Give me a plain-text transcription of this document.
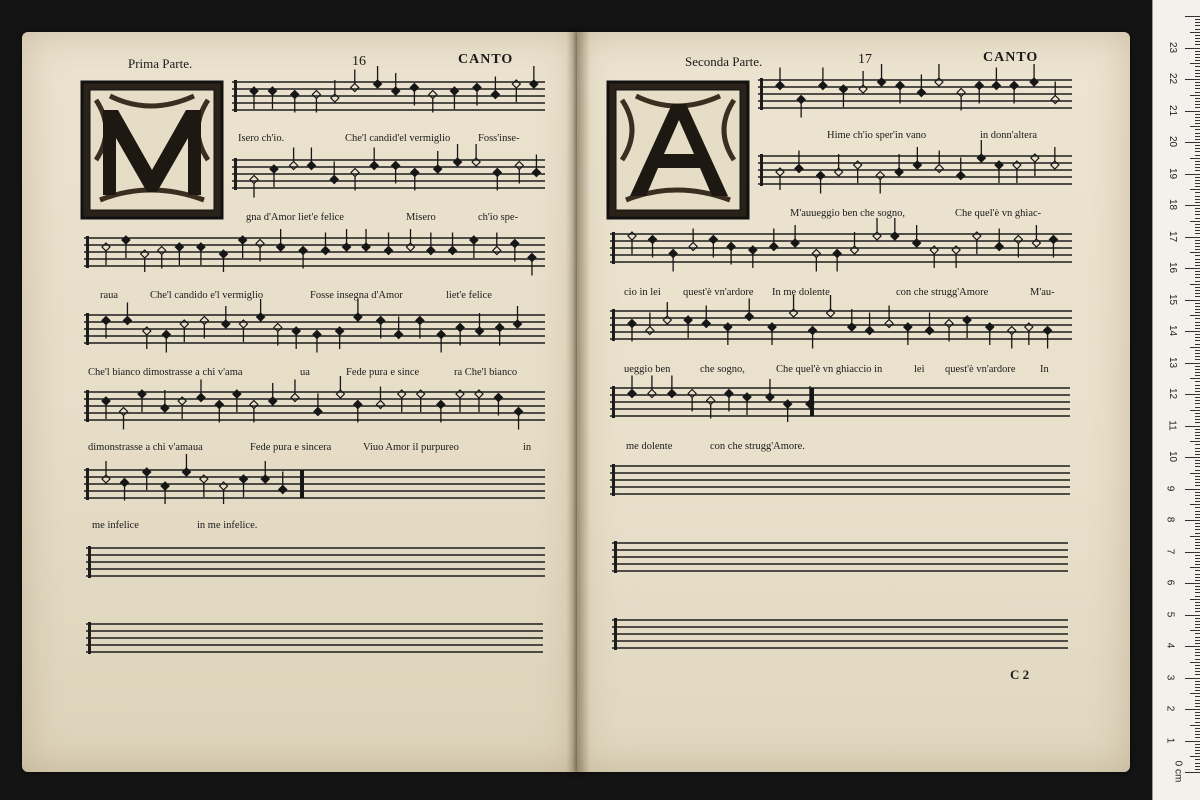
Prima Parte.	16	CANTO	Seconda Parte.	17	CANTO
Isero ch'io.	Che'l candid'el vermiglio	Foss'inse-
gna d'Amor liet'e felice	Misero	ch'io spe-
raua	Che'l candido e'l vermiglio	Fosse insegna d'Amor	liet'e felice
Che'l bianco dimostrasse a chi v'ama	ua	Fede pura e since	ra Che'l bianco
dimonstrasse a chi v'amaua	Fede pura e sincera	Viuo Amor il purpureo	in
me infelice	in me infelice.
Hime ch'io sper'in vano	in donn'altera
M'auueggio ben che sogno,	Che quel'è vn ghiac-
cio in lei quest'è vn'ardore In me dolente	con che strugg'Amore	M'au-
ueggio ben	che sogno,	Che quel'è vn ghiaccio in	lei quest'è vn'ardore In
me dolente	con che strugg'Amore.
C 2
0 cm
1
2
3
4
5
6
7
8
9
10
11
12
13
14
15
16
17
18
19
20
21
22
23
